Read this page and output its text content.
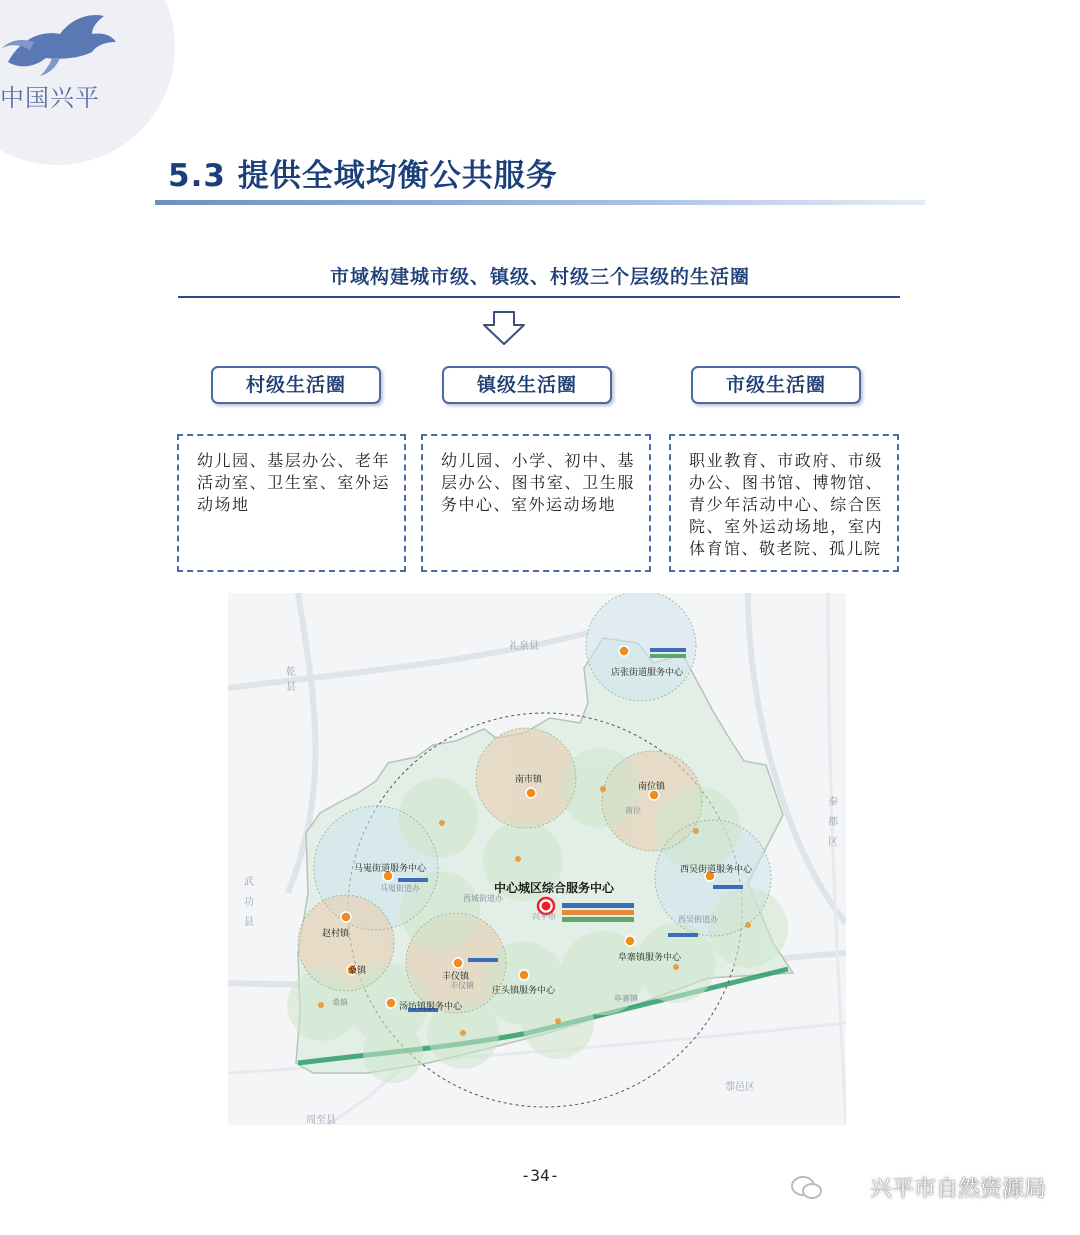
中国兴平
5.3 提供全域均衡公共服务
市域构建城市级、镇级、村级三个层级的生活圈
村级生活圈	镇级生活圈	市级生活圈
幼儿园、基层办公、老年活动室、卫生室、室外运动场地
幼儿园、小学、初中、基层办公、图书室、卫生服务中心、室外运动场地
职业教育、市政府、市级办公、图书馆、博物馆、青少年活动中心、综合医院、室外运动场地，室内体育馆、敬老院、孤儿院
中心城区综合服务中心
兴平市
西城街道办
西吴街道办
店张街道服务中心
南市镇
南位镇
马嵬街道服务中心	西吴街道服务中心
赵村镇
桑镇
丰仪镇
庄头镇服务中心
汤坊镇服务中心
阜寨镇服务中心
马嵬街道办
丰仪镇
桑镇	阜寨镇
南位
礼泉县
乾县
武功县
周至县
鄠邑区
秦都区
-34-
兴平市自然资源局
